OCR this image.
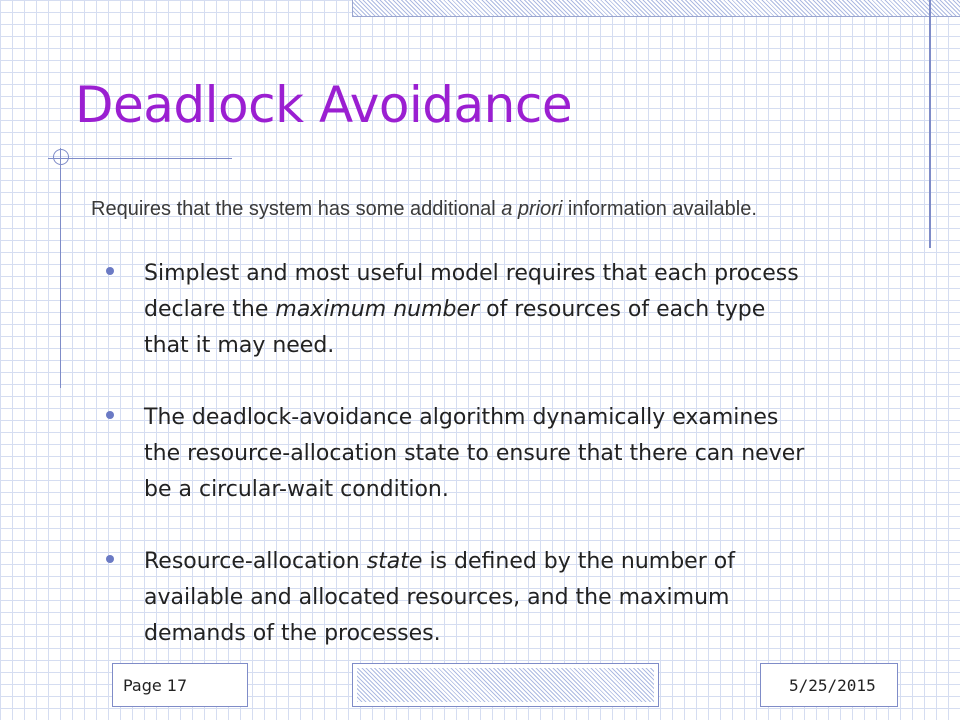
Deadlock Avoidance

Requires that the system has some additional a priori information available.

Simplest and most useful model requires that each process declare the maximum number of resources of each type that it may need.
The deadlock-avoidance algorithm dynamically examines the resource-allocation state to ensure that there can never be a circular-wait condition.
Resource-allocation state is defined by the number of available and allocated resources, and the maximum demands of the processes.
Page 17	5/25/2015
